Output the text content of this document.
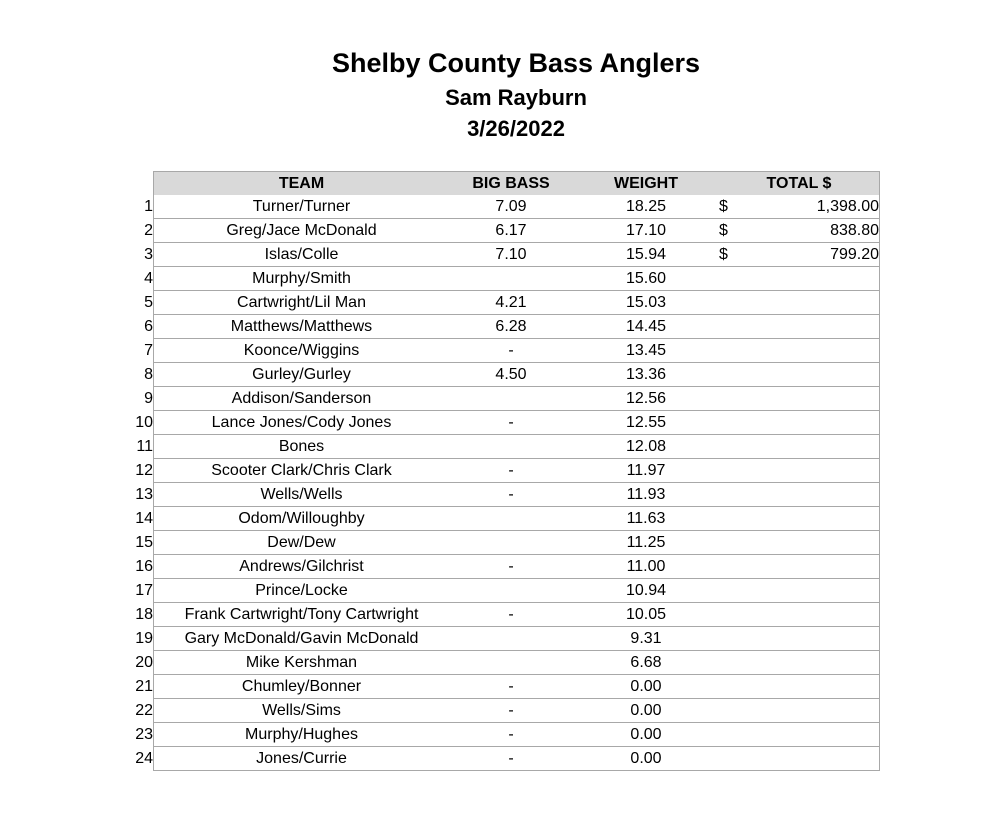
Shelby County Bass Anglers
Sam Rayburn
3/26/2022
	TEAM	BIG BASS	WEIGHT	TOTAL $	
1	Turner/Turner	7.09	18.25	$	1,398.00
2	Greg/Jace McDonald	6.17	17.10	$	838.80
3	Islas/Colle	7.10	15.94	$	799.20
4	Murphy/Smith		15.60		
5	Cartwright/Lil Man	4.21	15.03		
6	Matthews/Matthews	6.28	14.45		
7	Koonce/Wiggins	-	13.45		
8	Gurley/Gurley	4.50	13.36		
9	Addison/Sanderson		12.56		
10	Lance Jones/Cody Jones	-	12.55		
11	Bones		12.08		
12	Scooter Clark/Chris Clark	-	11.97		
13	Wells/Wells	-	11.93		
14	Odom/Willoughby		11.63		
15	Dew/Dew		11.25		
16	Andrews/Gilchrist	-	11.00		
17	Prince/Locke		10.94		
18	Frank Cartwright/Tony Cartwright	-	10.05		
19	Gary McDonald/Gavin McDonald		9.31		
20	Mike Kershman		6.68		
21	Chumley/Bonner	-	0.00		
22	Wells/Sims	-	0.00		
23	Murphy/Hughes	-	0.00		
24	Jones/Currie	-	0.00		
